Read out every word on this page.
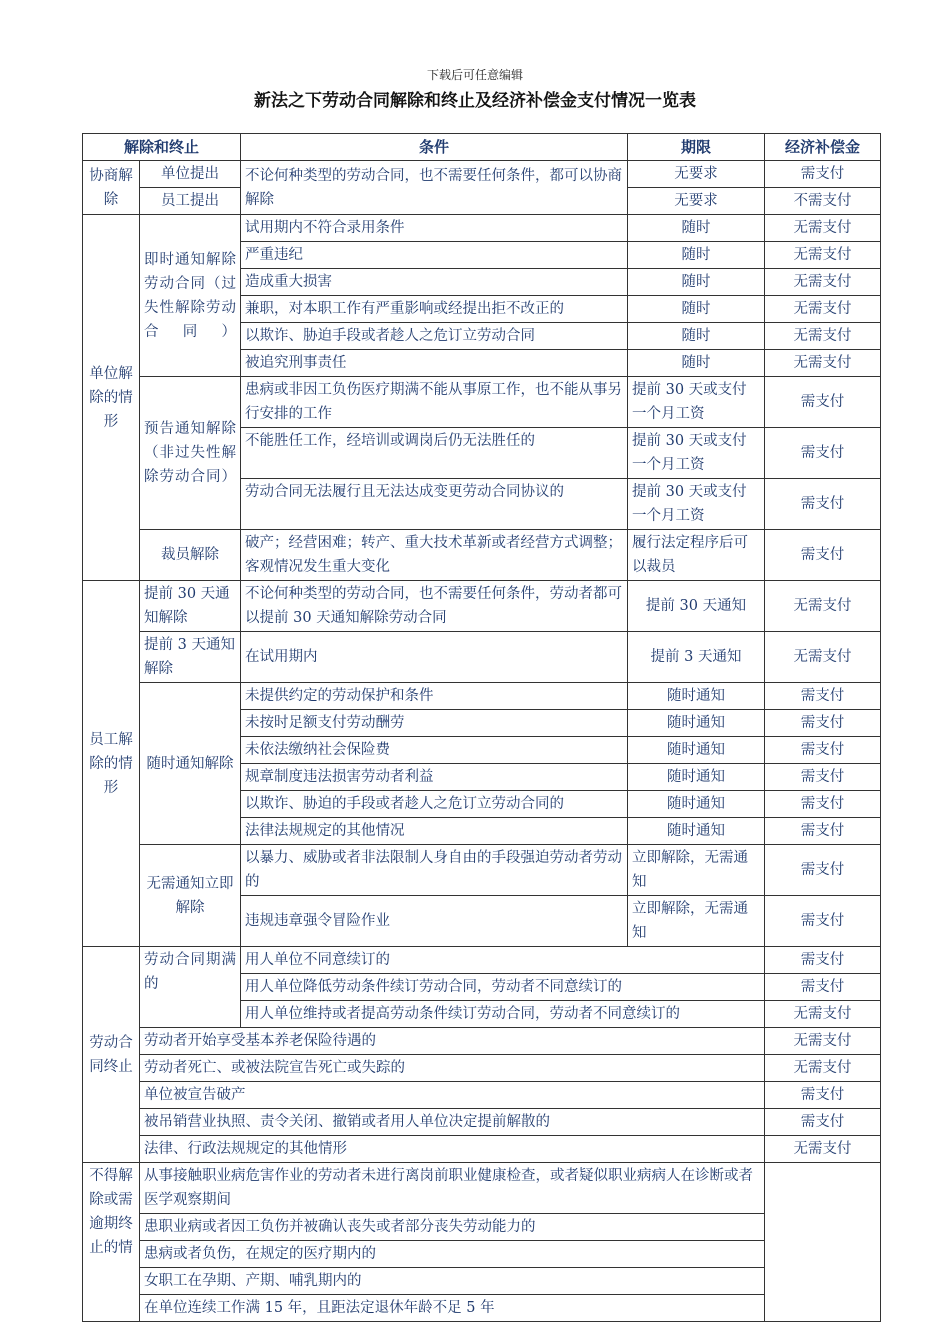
下载后可任意编辑
新法之下劳动合同解除和终止及经济补偿金支付情况一览表
解除和终止		条件	期限	经济补偿金
协商解除	单位提出	不论何种类型的劳动合同，也不需要任何条件，都可以协商解除	无要求	需支付
	员工提出		无要求	不需支付
单位解除的情形	即时通知解除劳动合同（过失性解除劳动合同）	试用期内不符合录用条件	随时	无需支付
		严重违纪	随时	无需支付
		造成重大损害	随时	无需支付
		兼职，对本职工作有严重影响或经提出拒不改正的	随时	无需支付
		以欺诈、胁迫手段或者趁人之危订立劳动合同	随时	无需支付
		被追究刑事责任	随时	无需支付
	预告通知解除（非过失性解除劳动合同）	患病或非因工负伤医疗期满不能从事原工作，也不能从事另行安排的工作	提前 30 天或支付一个月工资	需支付
		不能胜任工作，经培训或调岗后仍无法胜任的	提前 30 天或支付一个月工资	需支付
		劳动合同无法履行且无法达成变更劳动合同协议的	提前 30 天或支付一个月工资	需支付
	裁员解除	破产；经营困难；转产、重大技术革新或者经营方式调整；客观情况发生重大变化	履行法定程序后可以裁员	需支付
员工解除的情形	提前 30 天通知解除	不论何种类型的劳动合同，也不需要任何条件，劳动者都可以提前 30 天通知解除劳动合同	提前 30 天通知	无需支付
	提前 3 天通知解除	在试用期内	提前 3 天通知	无需支付
	随时通知解除	未提供约定的劳动保护和条件	随时通知	需支付
		未按时足额支付劳动酬劳	随时通知	需支付
		未依法缴纳社会保险费	随时通知	需支付
		规章制度违法损害劳动者利益	随时通知	需支付
		以欺诈、胁迫的手段或者趁人之危订立劳动合同的	随时通知	需支付
		法律法规规定的其他情况	随时通知	需支付
	无需通知立即解除	以暴力、威胁或者非法限制人身自由的手段强迫劳动者劳动的	立即解除，无需通知	需支付
		违规违章强令冒险作业	立即解除，无需通知	需支付
劳动合同终止	劳动合同期满的	用人单位不同意续订的		需支付
		用人单位降低劳动条件续订劳动合同，劳动者不同意续订的		需支付
		用人单位维持或者提高劳动条件续订劳动合同，劳动者不同意续订的		无需支付
	劳动者开始享受基本养老保险待遇的			无需支付
	劳动者死亡、或被法院宣告死亡或失踪的			无需支付
	单位被宣告破产			需支付
	被吊销营业执照、责令关闭、撤销或者用人单位决定提前解散的			需支付
	法律、行政法规规定的其他情形			无需支付
不得解除或需逾期终止的情	从事接触职业病危害作业的劳动者未进行离岗前职业健康检查，或者疑似职业病病人在诊断或者医学观察期间			
	患职业病或者因工负伤并被确认丧失或者部分丧失劳动能力的			
	患病或者负伤，在规定的医疗期内的			
	女职工在孕期、产期、哺乳期内的			
	在单位连续工作满 15 年，且距法定退休年龄不足 5 年			
